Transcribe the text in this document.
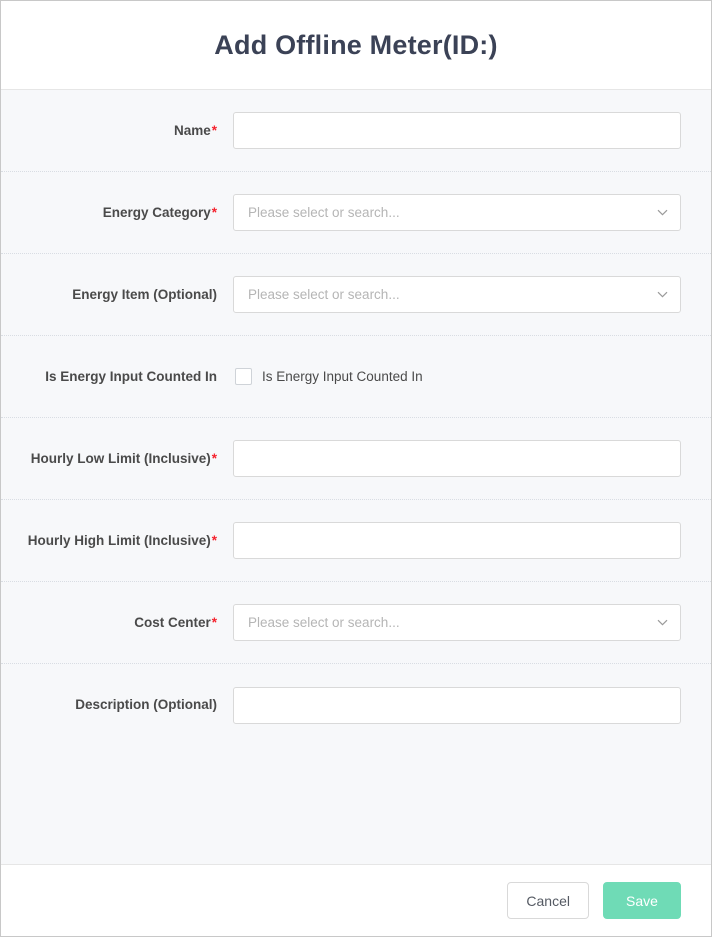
Add Offline Meter(ID:)
Name*
Energy Category*	Please select or search...
Energy Item (Optional)	Please select or search...
Is Energy Input Counted In	Is Energy Input Counted In
Hourly Low Limit (Inclusive)*
Hourly High Limit (Inclusive)*
Cost Center*	Please select or search...
Description (Optional)
Cancel	Save
